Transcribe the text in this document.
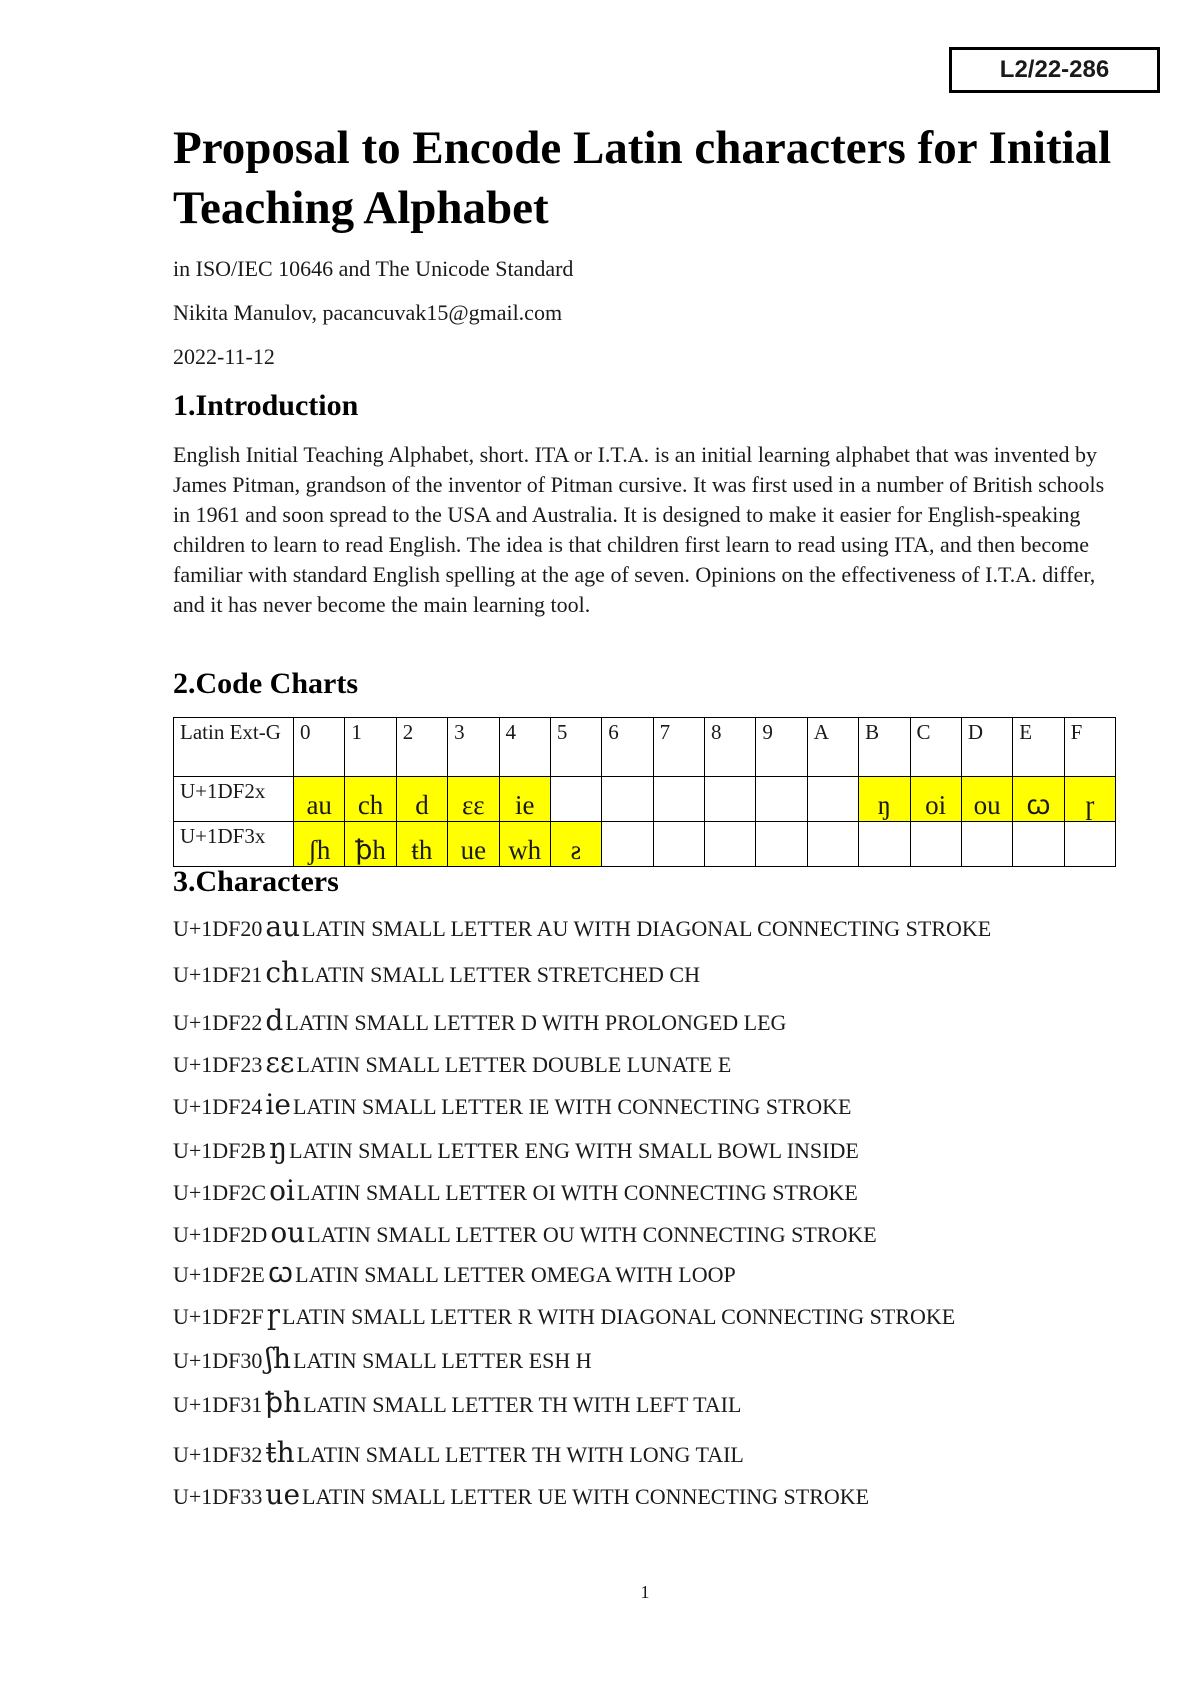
L2/22-286
Proposal to Encode Latin characters for Initial Teaching Alphabet
in ISO/IEC 10646 and The Unicode Standard
Nikita Manulov, pacancuvak15@gmail.com
2022-11-12
1.Introduction

English Initial Teaching Alphabet, short. ITA or I.T.A. is an initial learning alphabet that was invented by James Pitman, grandson of the inventor of Pitman cursive. It was first used in a number of British schools in 1961 and soon spread to the USA and Australia. It is designed to make it easier for English-speaking children to learn to read English. The idea is that children first learn to read using ITA, and then become familiar with standard English spelling at the age of seven. Opinions on the effectiveness of I.T.A. differ, and it has never become the main learning tool.

2.Code Charts
Latin Ext-G	0	1	2	3	4	5	6	7	8	9	A	B	C	D	E	F
U+1DF2x	au	ch	d	εε	ie							ŋ	oi	ou	ꞷ	ɼ
U+1DF3x	ʃh	ꝥh	ŧh	ue	wh	ƨ										
3.Characters
U+1DF20 auLATIN SMALL LETTER AU WITH DIAGONAL CONNECTING STROKE
U+1DF21 chLATIN SMALL LETTER STRETCHED CH
U+1DF22 dLATIN SMALL LETTER D WITH PROLONGED LEG
U+1DF23 εεLATIN SMALL LETTER DOUBLE LUNATE E
U+1DF24 ieLATIN SMALL LETTER IE WITH CONNECTING STROKE
U+1DF2B ŋLATIN SMALL LETTER ENG WITH SMALL BOWL INSIDE
U+1DF2C oiLATIN SMALL LETTER OI WITH CONNECTING STROKE
U+1DF2D ouLATIN SMALL LETTER OU WITH CONNECTING STROKE
U+1DF2E ꞷLATIN SMALL LETTER OMEGA WITH LOOP
U+1DF2F ɼLATIN SMALL LETTER R WITH DIAGONAL CONNECTING STROKE
U+1DF30 ʃhLATIN SMALL LETTER ESH H
U+1DF31 ꝥhLATIN SMALL LETTER TH WITH LEFT TAIL
U+1DF32 ŧhLATIN SMALL LETTER TH WITH LONG TAIL
U+1DF33 ueLATIN SMALL LETTER UE WITH CONNECTING STROKE
1
